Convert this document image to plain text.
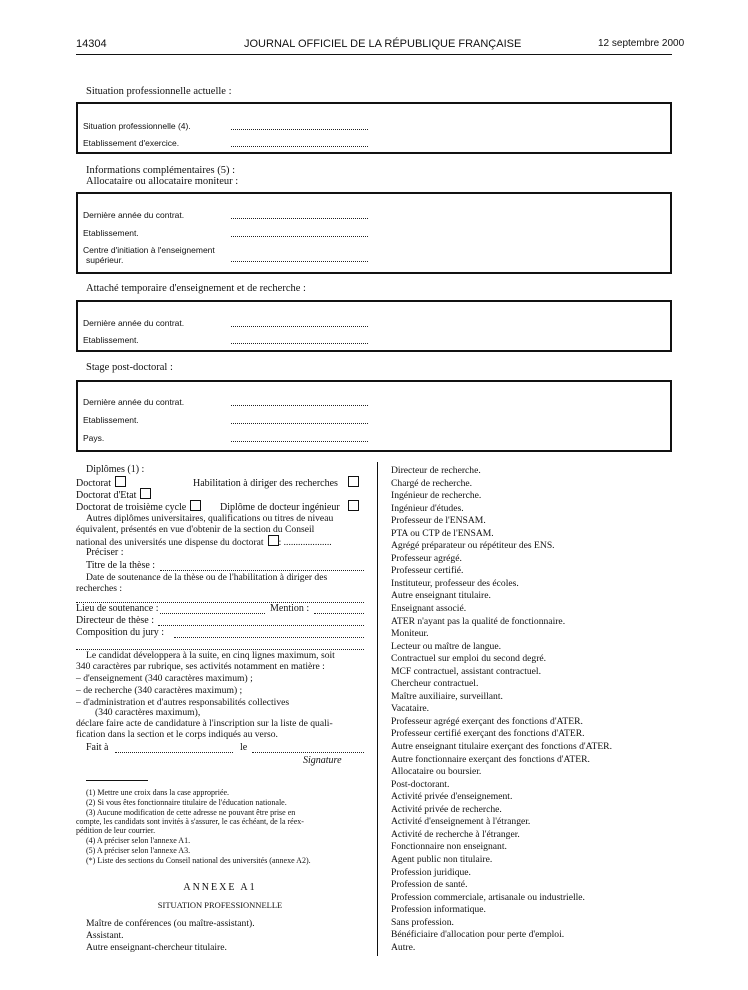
14304	JOURNAL OFFICIEL DE LA RÉPUBLIQUE FRANÇAISE	12 septembre 2000
Situation professionnelle actuelle :
Situation professionnelle (4).
Etablissement d'exercice.
Informations complémentaires (5) :
Allocataire ou allocataire moniteur :
Dernière année du contrat.
Etablissement.
Centre d'initiation à l'enseignement
supérieur.
Attaché temporaire d'enseignement et de recherche :
Dernière année du contrat.
Etablissement.
Stage post-doctoral :
Dernière année du contrat.
Etablissement.
Pays.
Diplômes (1) :
Doctorat	Habilitation à diriger des recherches
Doctorat d'Etat
Doctorat de troisième cycle	Diplôme de docteur ingénieur
Autres diplômes universitaires, qualifications ou titres de niveau
équivalent, présentés en vue d'obtenir de la section du Conseil
national des universités une dispense du doctorat : ....................
Préciser :
Titre de la thèse :
Date de soutenance de la thèse ou de l'habilitation à diriger des
recherches :
Lieu de soutenance :	Mention :
Directeur de thèse :
Composition du jury :
Le candidat développera à la suite, en cinq lignes maximum, soit
340 caractères par rubrique, ses activités notamment en matière :
– d'enseignement (340 caractères maximum) ;
– de recherche (340 caractères maximum) ;
– d'administration et d'autres responsabilités collectives
(340 caractères maximum),
déclare faire acte de candidature à l'inscription sur la liste de quali-
fication dans la section et le corps indiqués au verso.
Fait à	le
Signature
(1) Mettre une croix dans la case appropriée.
(2) Si vous êtes fonctionnaire titulaire de l'éducation nationale.
(3) Aucune modification de cette adresse ne pouvant être prise en
compte, les candidats sont invités à s'assurer, le cas échéant, de la réex-
pédition de leur courrier.
(4) A préciser selon l'annexe A1.
(5) A préciser selon l'annexe A3.
(*) Liste des sections du Conseil national des universités (annexe A2).
ANNEXE A1
SITUATION PROFESSIONNELLE
Maître de conférences (ou maître-assistant).
Assistant.
Autre enseignant-chercheur titulaire.
Directeur de recherche.
Chargé de recherche.
Ingénieur de recherche.
Ingénieur d'études.
Professeur de l'ENSAM.
PTA ou CTP de l'ENSAM.
Agrégé préparateur ou répétiteur des ENS.
Professeur agrégé.
Professeur certifié.
Instituteur, professeur des écoles.
Autre enseignant titulaire.
Enseignant associé.
ATER n'ayant pas la qualité de fonctionnaire.
Moniteur.
Lecteur ou maître de langue.
Contractuel sur emploi du second degré.
MCF contractuel, assistant contractuel.
Chercheur contractuel.
Maître auxiliaire, surveillant.
Vacataire.
Professeur agrégé exerçant des fonctions d'ATER.
Professeur certifié exerçant des fonctions d'ATER.
Autre enseignant titulaire exerçant des fonctions d'ATER.
Autre fonctionnaire exerçant des fonctions d'ATER.
Allocataire ou boursier.
Post-doctorant.
Activité privée d'enseignement.
Activité privée de recherche.
Activité d'enseignement à l'étranger.
Activité de recherche à l'étranger.
Fonctionnaire non enseignant.
Agent public non titulaire.
Profession juridique.
Profession de santé.
Profession commerciale, artisanale ou industrielle.
Profession informatique.
Sans profession.
Bénéficiaire d'allocation pour perte d'emploi.
Autre.
